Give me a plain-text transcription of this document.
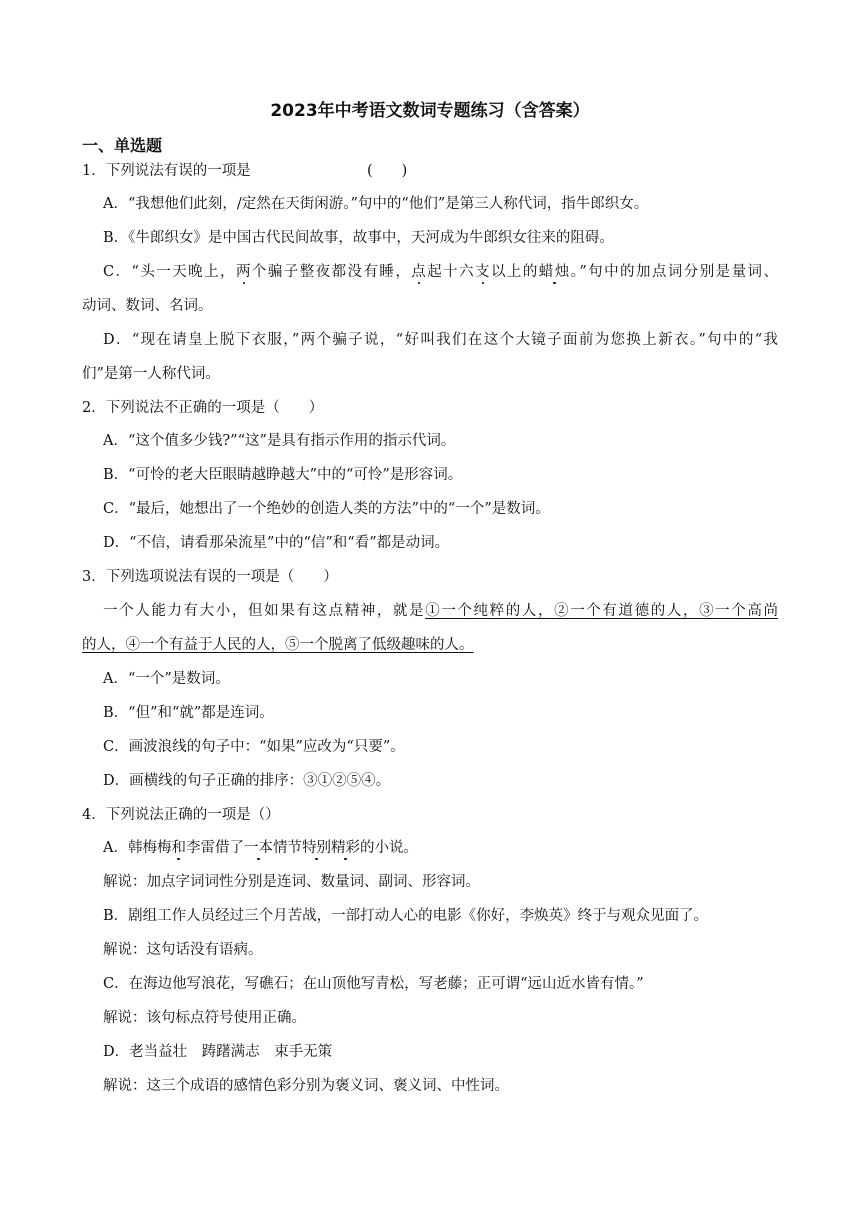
2023年中考语文数词专题练习（含答案）
一、单选题
1．下列说法有误的一项是	(　　)
A．“我想他们此刻，/定然在天街闲游。”句中的“他们”是第三人称代词，指牛郎织女。
B．《牛郎织女》是中国古代民间故事，故事中，天河成为牛郎织女往来的阻碍。
C．“头一天晚上，两个骗子整夜都没有睡，点起十六支以上的蜡烛。”句中的加点词分别是量词、
动词、数词、名词。
D．“现在请皇上脱下衣服，”两个骗子说，“好叫我们在这个大镜子面前为您换上新衣。”句中的“我
们”是第一人称代词。
2．下列说法不正确的一项是（　　）
A．“这个值多少钱?”“这”是具有指示作用的指示代词。
B．“可怜的老大臣眼睛越睁越大”中的“可怜”是形容词。
C．“最后，她想出了一个绝妙的创造人类的方法”中的“一个”是数词。
D．“不信，请看那朵流星”中的“信”和“看”都是动词。
3．下列选项说法有误的一项是（　　）
一个人能力有大小，但如果有这点精神，就是①一个纯粹的人，②一个有道德的人，③一个高尚
的人，④一个有益于人民的人，⑤一个脱离了低级趣味的人。
A．“一个”是数词。
B．“但”和“就”都是连词。
C．画波浪线的句子中：“如果”应改为“只要”。
D．画横线的句子正确的排序：③①②⑤④。
4．下列说法正确的一项是（）
A．韩梅梅和李雷借了一本情节特别精彩的小说。
解说：加点字词词性分别是连词、数量词、副词、形容词。
B．剧组工作人员经过三个月苦战，一部打动人心的电影《你好，李焕英》终于与观众见面了。
解说：这句话没有语病。
C．在海边他写浪花，写礁石；在山顶他写青松，写老藤；正可谓“远山近水皆有情。”
解说：该句标点符号使用正确。
D．老当益壮　踌躇满志　束手无策
解说：这三个成语的感情色彩分别为褒义词、褒义词、中性词。
